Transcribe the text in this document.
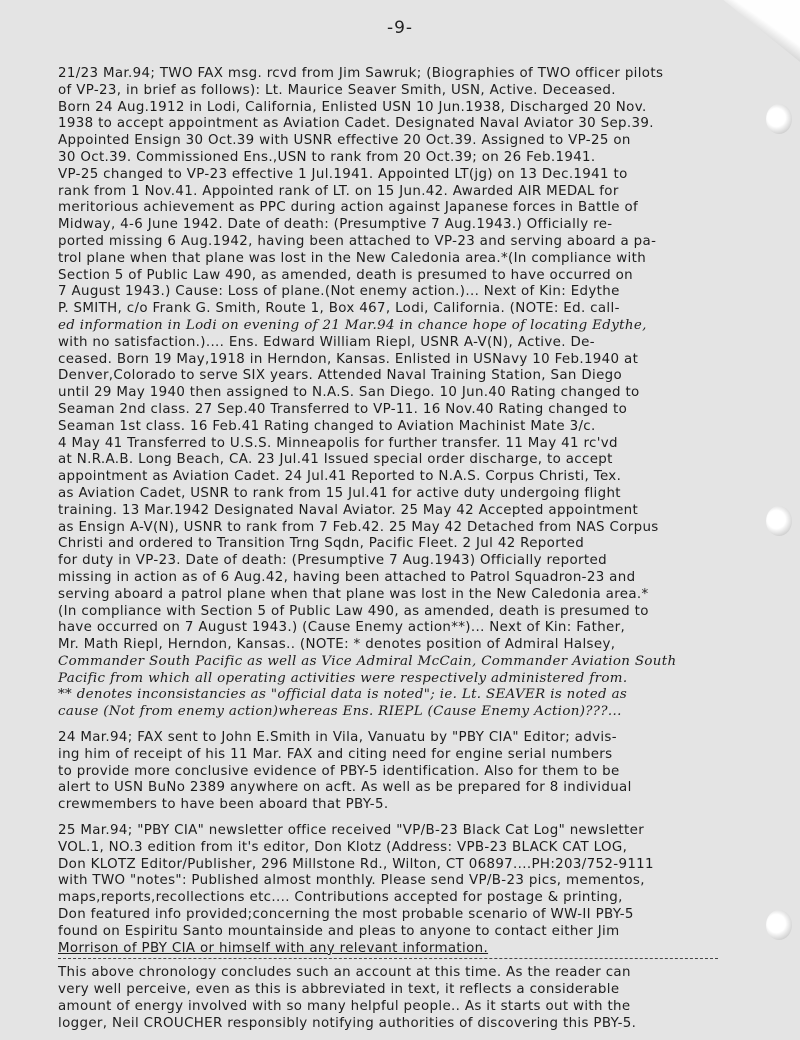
-9-
21/23 Mar.94; TWO FAX msg. rcvd from Jim Sawruk; (Biographies of TWO officer pilots
of VP-23, in brief as follows): Lt. Maurice Seaver Smith, USN, Active. Deceased.
Born 24 Aug.1912 in Lodi, California, Enlisted USN 10 Jun.1938, Discharged 20 Nov.
1938 to accept appointment as Aviation Cadet. Designated Naval Aviator 30 Sep.39.
Appointed Ensign 30 Oct.39 with USNR effective 20 Oct.39. Assigned to VP-25 on
30 Oct.39. Commissioned Ens.,USN to rank from 20 Oct.39; on 26 Feb.1941.
VP-25 changed to VP-23 effective 1 Jul.1941. Appointed LT(jg) on 13 Dec.1941 to
rank from 1 Nov.41. Appointed rank of LT. on 15 Jun.42. Awarded AIR MEDAL for
meritorious achievement as PPC during action against Japanese forces in Battle of
Midway, 4-6 June 1942. Date of death: (Presumptive 7 Aug.1943.) Officially re-
ported missing 6 Aug.1942, having been attached to VP-23 and serving aboard a pa-
trol plane when that plane was lost in the New Caledonia area.*(In compliance with
Section 5 of Public Law 490, as amended, death is presumed to have occurred on
7 August 1943.) Cause: Loss of plane.(Not enemy action.)... Next of Kin: Edythe
P. SMITH, c/o Frank G. Smith, Route 1, Box 467, Lodi, California. (NOTE: Ed. call-
ed information in Lodi on evening of 21 Mar.94 in chance hope of locating Edythe,
with no satisfaction.).... Ens. Edward William Riepl, USNR A-V(N), Active. De-
ceased. Born 19 May,1918 in Herndon, Kansas. Enlisted in USNavy 10 Feb.1940 at
Denver,Colorado to serve SIX years. Attended Naval Training Station, San Diego
until 29 May 1940 then assigned to N.A.S. San Diego. 10 Jun.40 Rating changed to
Seaman 2nd class. 27 Sep.40 Transferred to VP-11. 16 Nov.40 Rating changed to
Seaman 1st class. 16 Feb.41 Rating changed to Aviation Machinist Mate 3/c.
4 May 41 Transferred to U.S.S. Minneapolis for further transfer. 11 May 41 rc'vd
at N.R.A.B. Long Beach, CA. 23 Jul.41 Issued special order discharge, to accept
appointment as Aviation Cadet. 24 Jul.41 Reported to N.A.S. Corpus Christi, Tex.
as Aviation Cadet, USNR to rank from 15 Jul.41 for active duty undergoing flight
training. 13 Mar.1942 Designated Naval Aviator. 25 May 42 Accepted appointment
as Ensign A-V(N), USNR to rank from 7 Feb.42. 25 May 42 Detached from NAS Corpus
Christi and ordered to Transition Trng Sqdn, Pacific Fleet. 2 Jul 42 Reported
for duty in VP-23. Date of death: (Presumptive 7 Aug.1943) Officially reported
missing in action as of 6 Aug.42, having been attached to Patrol Squadron-23 and
serving aboard a patrol plane when that plane was lost in the New Caledonia area.*
(In compliance with Section 5 of Public Law 490, as amended, death is presumed to
have occurred on 7 August 1943.) (Cause Enemy action**)... Next of Kin: Father,
Mr. Math Riepl, Herndon, Kansas.. (NOTE: * denotes position of Admiral Halsey,
Commander South Pacific as well as Vice Admiral McCain, Commander Aviation South
Pacific from which all operating activities were respectively administered from.
** denotes inconsistancies as "official data is noted"; ie. Lt. SEAVER is noted as
cause (Not from enemy action)whereas Ens. RIEPL (Cause Enemy Action)???...
24 Mar.94; FAX sent to John E.Smith in Vila, Vanuatu by "PBY CIA" Editor; advis-
ing him of receipt of his 11 Mar. FAX and citing need for engine serial numbers
to provide more conclusive evidence of PBY-5 identification. Also for them to be
alert to USN BuNo 2389 anywhere on acft. As well as be prepared for 8 individual
crewmembers to have been aboard that PBY-5.
25 Mar.94; "PBY CIA" newsletter office received "VP/B-23 Black Cat Log" newsletter
VOL.1, NO.3 edition from it's editor, Don Klotz (Address: VPB-23 BLACK CAT LOG,
Don KLOTZ Editor/Publisher, 296 Millstone Rd., Wilton, CT 06897....PH:203/752-9111
with TWO "notes": Published almost monthly. Please send VP/B-23 pics, mementos,
maps,reports,recollections etc.... Contributions accepted for postage & printing,
Don featured info provided;concerning the most probable scenario of WW-II PBY-5
found on Espiritu Santo mountainside and pleas to anyone to contact either Jim
Morrison of PBY CIA or himself with any relevant information.
This above chronology concludes such an account at this time. As the reader can
very well perceive, even as this is abbreviated in text, it reflects a considerable
amount of energy involved with so many helpful people.. As it starts out with the
logger, Neil CROUCHER responsibly notifying authorities of discovering this PBY-5.
